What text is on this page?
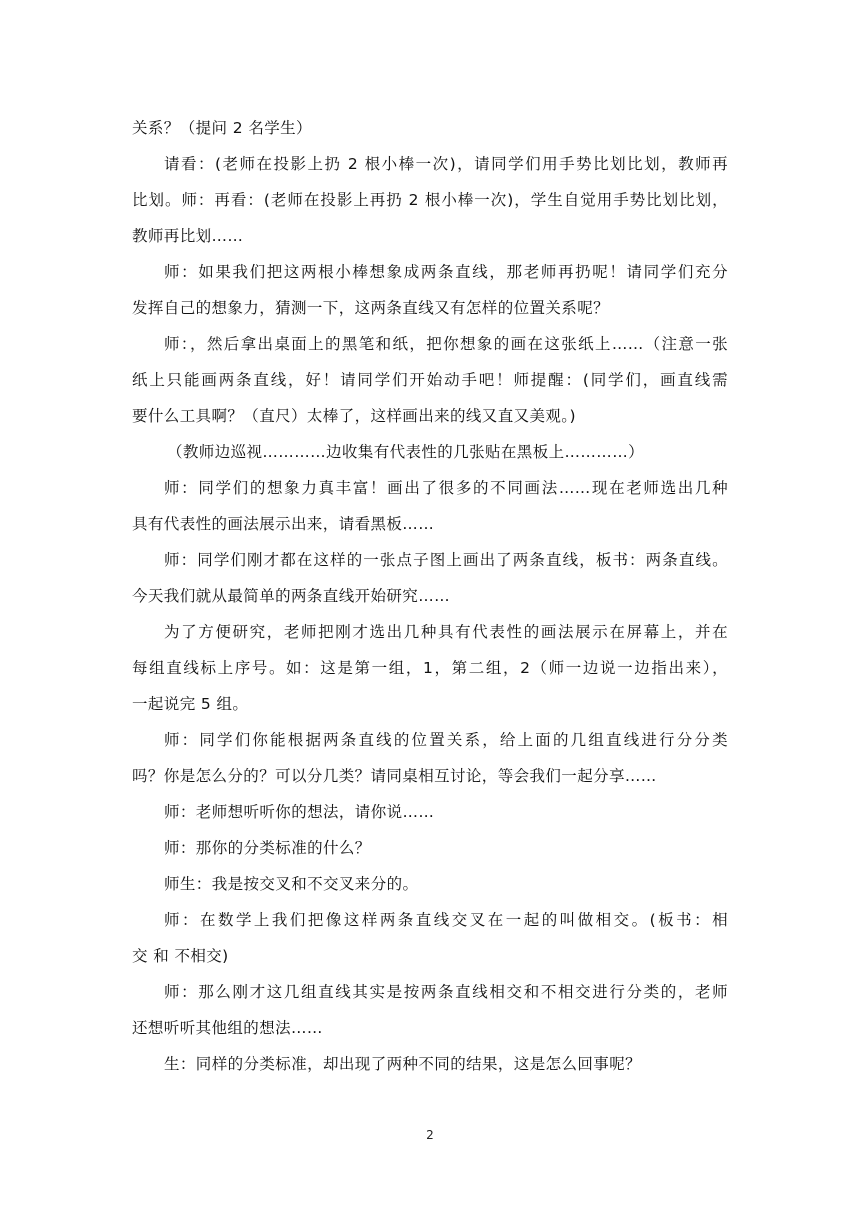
关系？（提问 2 名学生）
请看：(老师在投影上扔 2 根小棒一次)，请同学们用手势比划比划，教师再
比划。师：再看：(老师在投影上再扔 2 根小棒一次)，学生自觉用手势比划比划，
教师再比划……
师：如果我们把这两根小棒想象成两条直线，那老师再扔呢！请同学们充分
发挥自己的想象力，猜测一下，这两条直线又有怎样的位置关系呢？
师：，然后拿出桌面上的黑笔和纸，把你想象的画在这张纸上……（注意一张
纸上只能画两条直线，好！请同学们开始动手吧！师提醒：(同学们，画直线需
要什么工具啊？（直尺）太棒了，这样画出来的线又直又美观。)
（教师边巡视…………边收集有代表性的几张贴在黑板上…………）
师：同学们的想象力真丰富！画出了很多的不同画法……现在老师选出几种
具有代表性的画法展示出来，请看黑板……
师：同学们刚才都在这样的一张点子图上画出了两条直线，板书：两条直线。
今天我们就从最简单的两条直线开始研究……
为了方便研究，老师把刚才选出几种具有代表性的画法展示在屏幕上，并在
每组直线标上序号。如：这是第一组，1，第二组，2（师一边说一边指出来），
一起说完 5 组。
师：同学们你能根据两条直线的位置关系，给上面的几组直线进行分分类
吗？你是怎么分的？可以分几类？请同桌相互讨论，等会我们一起分享……
师：老师想听听你的想法，请你说……
师：那你的分类标准的什么？
师生：我是按交叉和不交叉来分的。
师：在数学上我们把像这样两条直线交叉在一起的叫做相交。(板书：相
交 和 不相交)
师：那么刚才这几组直线其实是按两条直线相交和不相交进行分类的，老师
还想听听其他组的想法……
生：同样的分类标准，却出现了两种不同的结果，这是怎么回事呢？
2
